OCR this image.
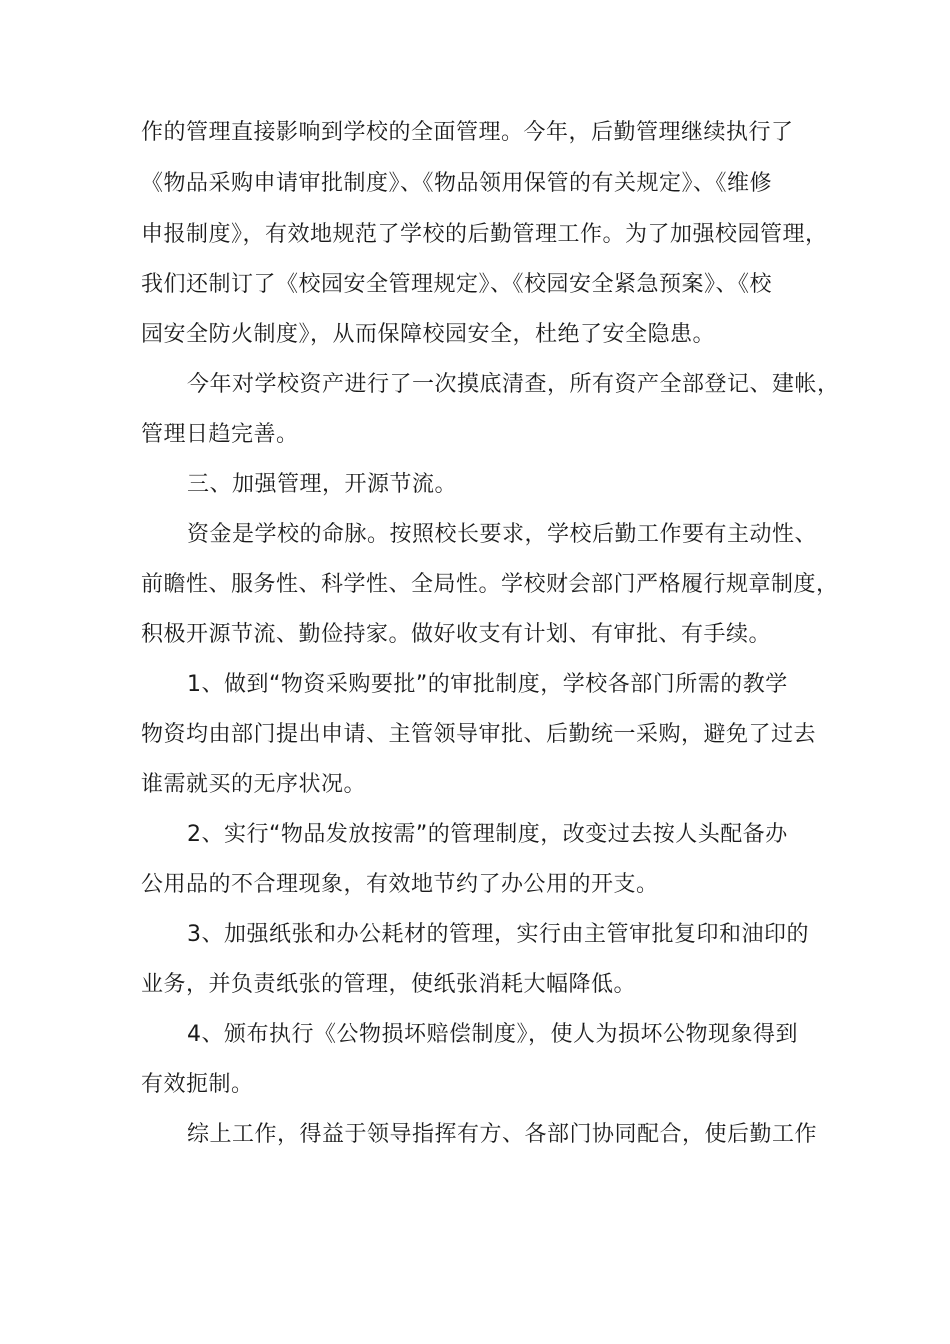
作的管理直接影响到学校的全面管理。今年，后勤管理继续执行了
《物品采购申请审批制度》、《物品领用保管的有关规定》、《维修
申报制度》，有效地规范了学校的后勤管理工作。为了加强校园管理，
我们还制订了《校园安全管理规定》、《校园安全紧急预案》、《校
园安全防火制度》，从而保障校园安全，杜绝了安全隐患。
今年对学校资产进行了一次摸底清查，所有资产全部登记、建帐，
管理日趋完善。
三、加强管理，开源节流。
资金是学校的命脉。按照校长要求，学校后勤工作要有主动性、
前瞻性、服务性、科学性、全局性。学校财会部门严格履行规章制度，
积极开源节流、勤俭持家。做好收支有计划、有审批、有手续。
1、做到“物资采购要批”的审批制度，学校各部门所需的教学
物资均由部门提出申请、主管领导审批、后勤统一采购，避免了过去
谁需就买的无序状况。
2、实行“物品发放按需”的管理制度，改变过去按人头配备办
公用品的不合理现象，有效地节约了办公用的开支。
3、加强纸张和办公耗材的管理，实行由主管审批复印和油印的
业务，并负责纸张的管理，使纸张消耗大幅降低。
4、颁布执行《公物损坏赔偿制度》，使人为损坏公物现象得到
有效扼制。
综上工作，得益于领导指挥有方、各部门协同配合，使后勤工作
